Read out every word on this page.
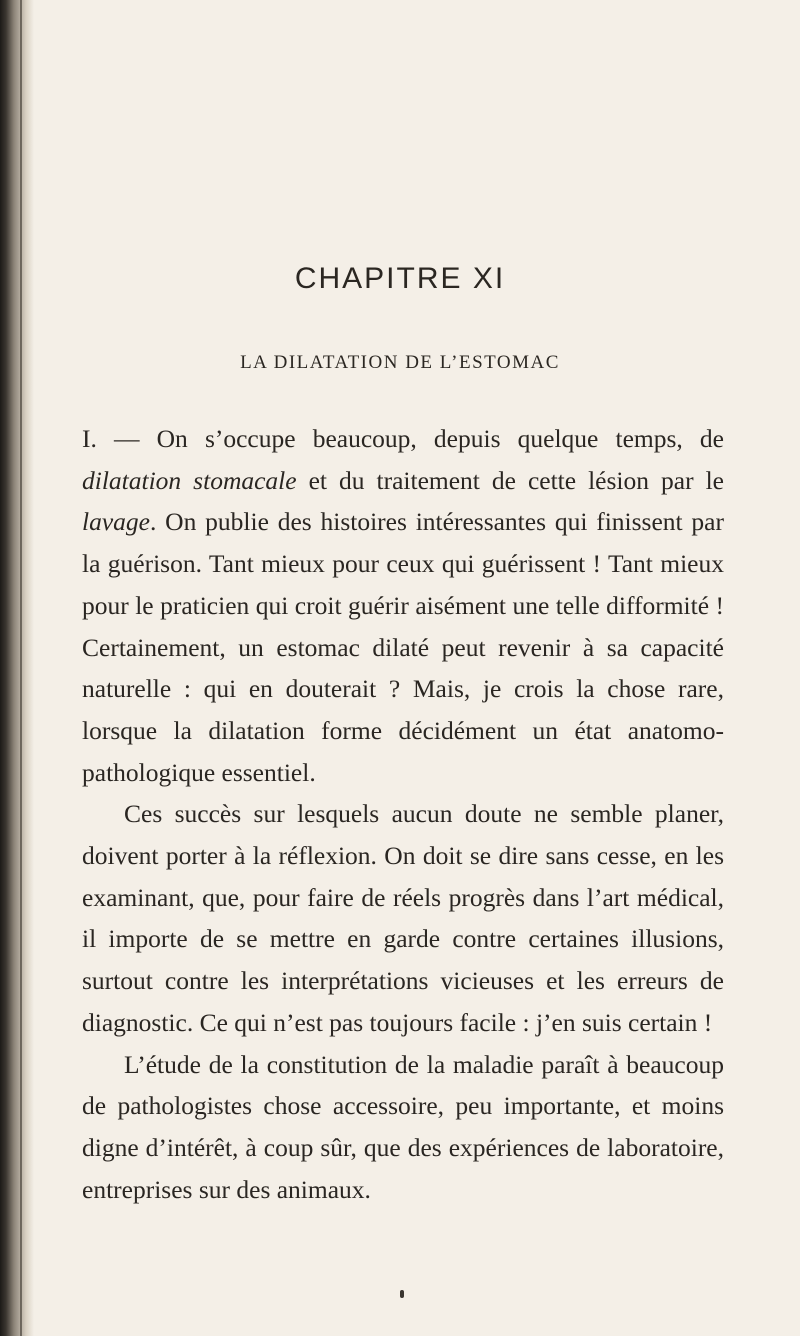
CHAPITRE XI
LA DILATATION DE L’ESTOMAC

I. — On s’occupe beaucoup, depuis quelque temps, de dilatation stomacale et du traitement de cette lésion par le lavage. On publie des histoires intéressantes qui finissent par la guérison. Tant mieux pour ceux qui guérissent ! Tant mieux pour le praticien qui croit guérir aisément une telle difformité ! Certainement, un estomac dilaté peut revenir à sa capacité naturelle : qui en douterait ? Mais, je crois la chose rare, lorsque la dilatation forme décidément un état anatomo-pathologique essentiel.

Ces succès sur lesquels aucun doute ne semble planer, doivent porter à la réflexion. On doit se dire sans cesse, en les examinant, que, pour faire de réels progrès dans l’art médical, il importe de se mettre en garde contre certaines illusions, surtout contre les interprétations vicieuses et les erreurs de diagnostic. Ce qui n’est pas toujours facile : j’en suis certain !

L’étude de la constitution de la maladie paraît à beaucoup de pathologistes chose accessoire, peu importante, et moins digne d’intérêt, à coup sûr, que des expériences de laboratoire, entreprises sur des animaux.
